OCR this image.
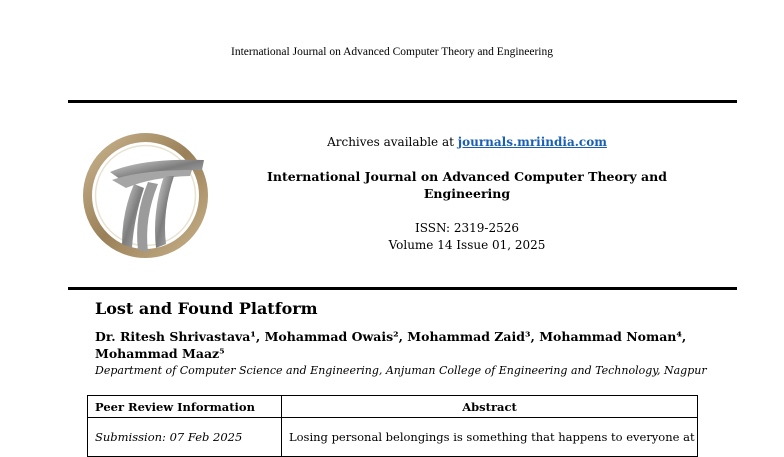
International Journal on Advanced Computer Theory and Engineering
Archives available at journals.mriindia.com
International Journal on Advanced Computer Theory and
Engineering
ISSN: 2319-2526
Volume 14 Issue 01, 2025
Lost and Found Platform
Dr. Ritesh Shrivastava¹, Mohammad Owais², Mohammad Zaid³, Mohammad Noman⁴,
Mohammad Maaz⁵
Department of Computer Science and Engineering, Anjuman College of Engineering and Technology, Nagpur
Peer Review Information	Abstract
Submission: 07 Feb 2025	Losing personal belongings is something that happens to everyone at
